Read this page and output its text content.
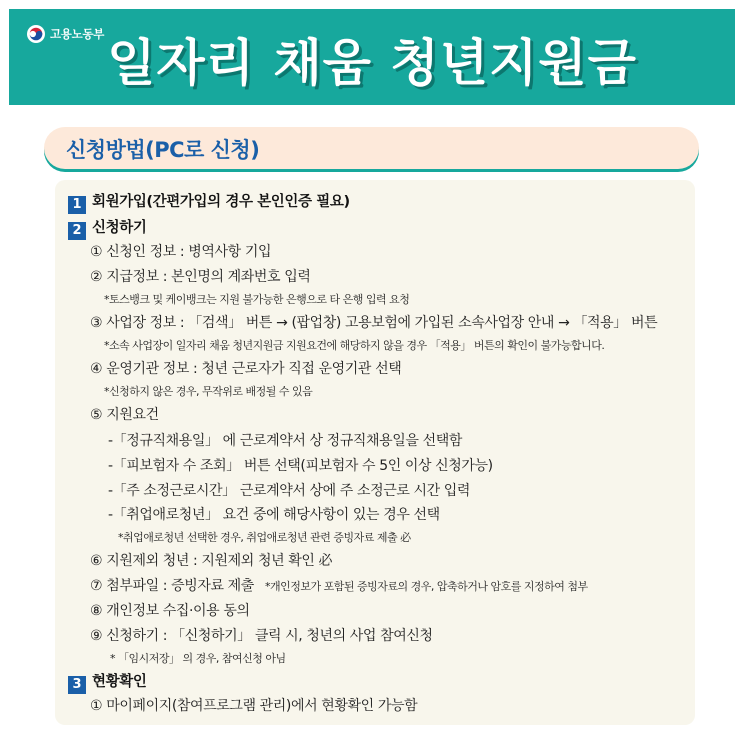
고용노동부 일자리 채움 청년지원금
신청방법(PC로 신청)
1 회원가입(간편가입의 경우 본인인증 필요)
2 신청하기
① 신청인 정보 : 병역사항 기입
② 지급정보 : 본인명의 계좌번호 입력
*토스뱅크 및 케이뱅크는 지원 불가능한 은행으로 타 은행 입력 요청
③ 사업장 정보 : 「검색」 버튼 → (팝업창) 고용보험에 가입된 소속사업장 안내 → 「적용」 버튼
*소속 사업장이 일자리 채움 청년지원금 지원요건에 해당하지 않을 경우 「적용」 버튼의 확인이 불가능합니다.
④ 운영기관 정보 : 청년 근로자가 직접 운영기관 선택
*신청하지 않은 경우, 무작위로 배정될 수 있음
⑤ 지원요건
-「정규직채용일」 에 근로계약서 상 정규직채용일을 선택함
-「피보험자 수 조회」 버튼 선택(피보험자 수 5인 이상 신청가능)
-「주 소정근로시간」 근로계약서 상에 주 소정근로 시간 입력
-「취업애로청년」 요건 중에 해당사항이 있는 경우 선택
*취업애로청년 선택한 경우, 취업애로청년 관련 증빙자료 제출 必
⑥ 지원제외 청년 : 지원제외 청년 확인 必
⑦ 첨부파일 : 증빙자료 제출 *개인정보가 포함된 증빙자료의 경우, 압축하거나 암호를 지정하여 첨부
⑧ 개인정보 수집·이용 동의
⑨ 신청하기 : 「신청하기」 클릭 시, 청년의 사업 참여신청
* 「임시저장」 의 경우, 참여신청 아님
3 현황확인
① 마이페이지(참여프로그램 관리)에서 현황확인 가능함
